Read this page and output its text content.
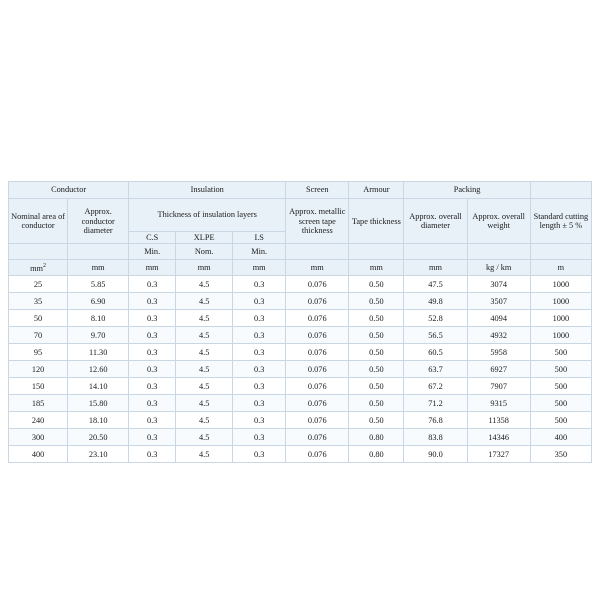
Conductor		Insulation			Screen	Armour	Packing		
Nominal area of conductor	Approx. conductor diameter	Thickness of insulation layers			Approx. metallic screen tape thickness	Tape thickness	Approx. overall diameter	Approx. overall weight	Standard cutting length ± 5 %
		C.S	XLPE	I.S					
		Min.	Nom.	Min.					
$mm^2$	mm	mm	mm	mm	mm	mm	mm	kg / km	m
25	5.85	0.3	4.5	0.3	0.076	0.50	47.5	3074	1000
35	6.90	0.3	4.5	0.3	0.076	0.50	49.8	3507	1000
50	8.10	0.3	4.5	0.3	0.076	0.50	52.8	4094	1000
70	9.70	0.3	4.5	0.3	0.076	0.50	56.5	4932	1000
95	11.30	0.3	4.5	0.3	0.076	0.50	60.5	5958	500
120	12.60	0.3	4.5	0.3	0.076	0.50	63.7	6927	500
150	14.10	0.3	4.5	0.3	0.076	0.50	67.2	7907	500
185	15.80	0.3	4.5	0.3	0.076	0.50	71.2	9315	500
240	18.10	0.3	4.5	0.3	0.076	0.50	76.8	11358	500
300	20.50	0.3	4.5	0.3	0.076	0.80	83.8	14346	400
400	23.10	0.3	4.5	0.3	0.076	0.80	90.0	17327	350
